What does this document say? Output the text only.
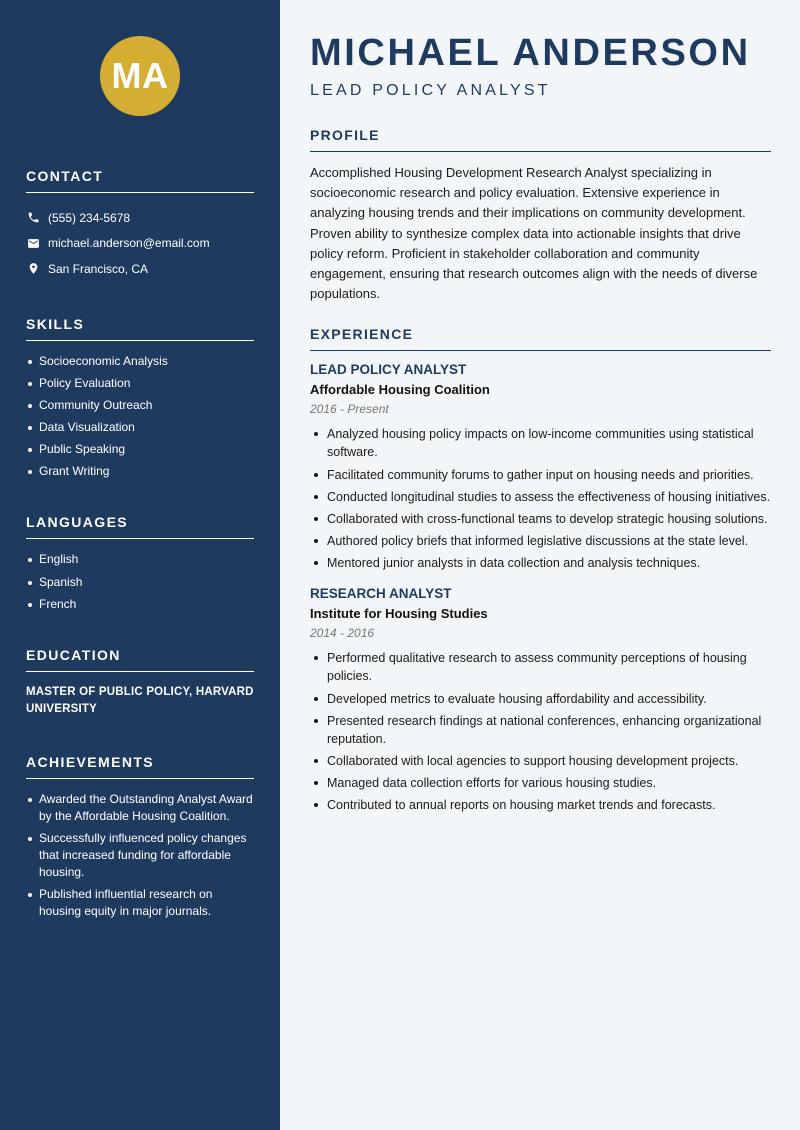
MA
CONTACT
(555) 234-5678
michael.anderson@email.com
San Francisco, CA
SKILLS
Socioeconomic Analysis
Policy Evaluation
Community Outreach
Data Visualization
Public Speaking
Grant Writing
LANGUAGES
English
Spanish
French
EDUCATION
MASTER OF PUBLIC POLICY, HARVARD UNIVERSITY
ACHIEVEMENTS
Awarded the Outstanding Analyst Award by the Affordable Housing Coalition.
Successfully influenced policy changes that increased funding for affordable housing.
Published influential research on housing equity in major journals.
MICHAEL ANDERSON
LEAD POLICY ANALYST
PROFILE

Accomplished Housing Development Research Analyst specializing in socioeconomic research and policy evaluation. Extensive experience in analyzing housing trends and their implications on community development. Proven ability to synthesize complex data into actionable insights that drive policy reform. Proficient in stakeholder collaboration and community engagement, ensuring that research outcomes align with the needs of diverse populations.

EXPERIENCE
LEAD POLICY ANALYST
Affordable Housing Coalition
2016 - Present
Analyzed housing policy impacts on low-income communities using statistical software.
Facilitated community forums to gather input on housing needs and priorities.
Conducted longitudinal studies to assess the effectiveness of housing initiatives.
Collaborated with cross-functional teams to develop strategic housing solutions.
Authored policy briefs that informed legislative discussions at the state level.
Mentored junior analysts in data collection and analysis techniques.
RESEARCH ANALYST
Institute for Housing Studies
2014 - 2016
Performed qualitative research to assess community perceptions of housing policies.
Developed metrics to evaluate housing affordability and accessibility.
Presented research findings at national conferences, enhancing organizational reputation.
Collaborated with local agencies to support housing development projects.
Managed data collection efforts for various housing studies.
Contributed to annual reports on housing market trends and forecasts.
